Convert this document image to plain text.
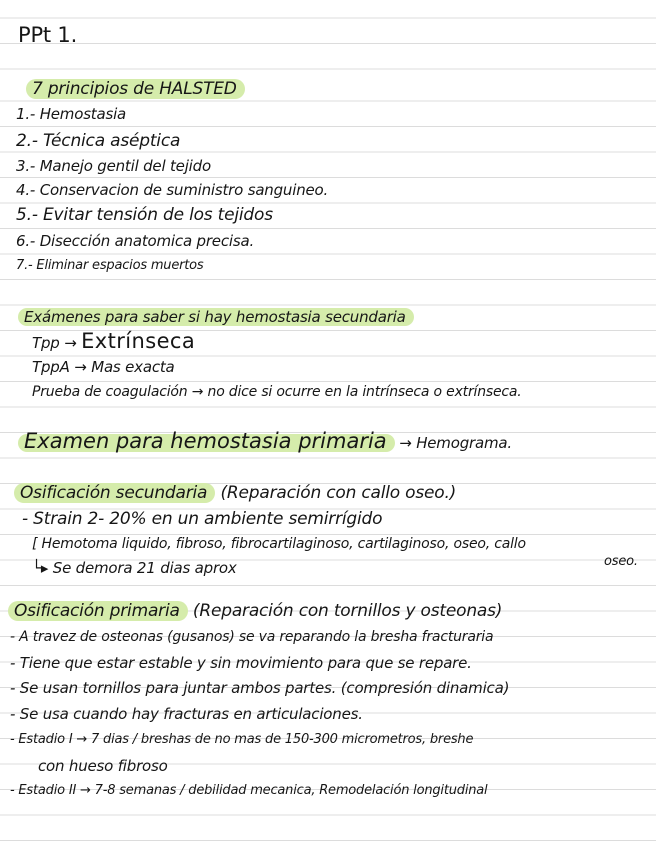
PPt 1.
7 principios de HALSTED
1.- Hemostasia
2.- Técnica aséptica
3.- Manejo gentil del tejido
4.- Conservacion de suministro sanguineo.
5.- Evitar tensión de los tejidos
6.- Disección anatomica precisa.
7.- Eliminar espacios muertos
Exámenes para saber si hay hemostasia secundaria
Tpp → Extrínseca
TppA → Mas exacta
Prueba de coagulación → no dice si ocurre en la intrínseca o extrínseca.
Examen para hemostasia primaria → Hemograma.
Osificación secundaria (Reparación con callo oseo.)
- Strain 2- 20% en un ambiente semirrígido
[ Hemotoma liquido, fibroso, fibrocartilaginoso, cartilaginoso, oseo, callo
oseo.
└▸ Se demora 21 dias aprox
Osificación primaria (Reparación con tornillos y osteonas)
- A travez de osteonas (gusanos) se va reparando la bresha fracturaria
- Tiene que estar estable y sin movimiento para que se repare.
- Se usan tornillos para juntar ambos partes. (compresión dinamica)
- Se usa cuando hay fracturas en articulaciones.
- Estadio I → 7 dias / breshas de no mas de 150-300 micrometros, breshe
con hueso fibroso
- Estadio II → 7-8 semanas / debilidad mecanica, Remodelación longitudinal
